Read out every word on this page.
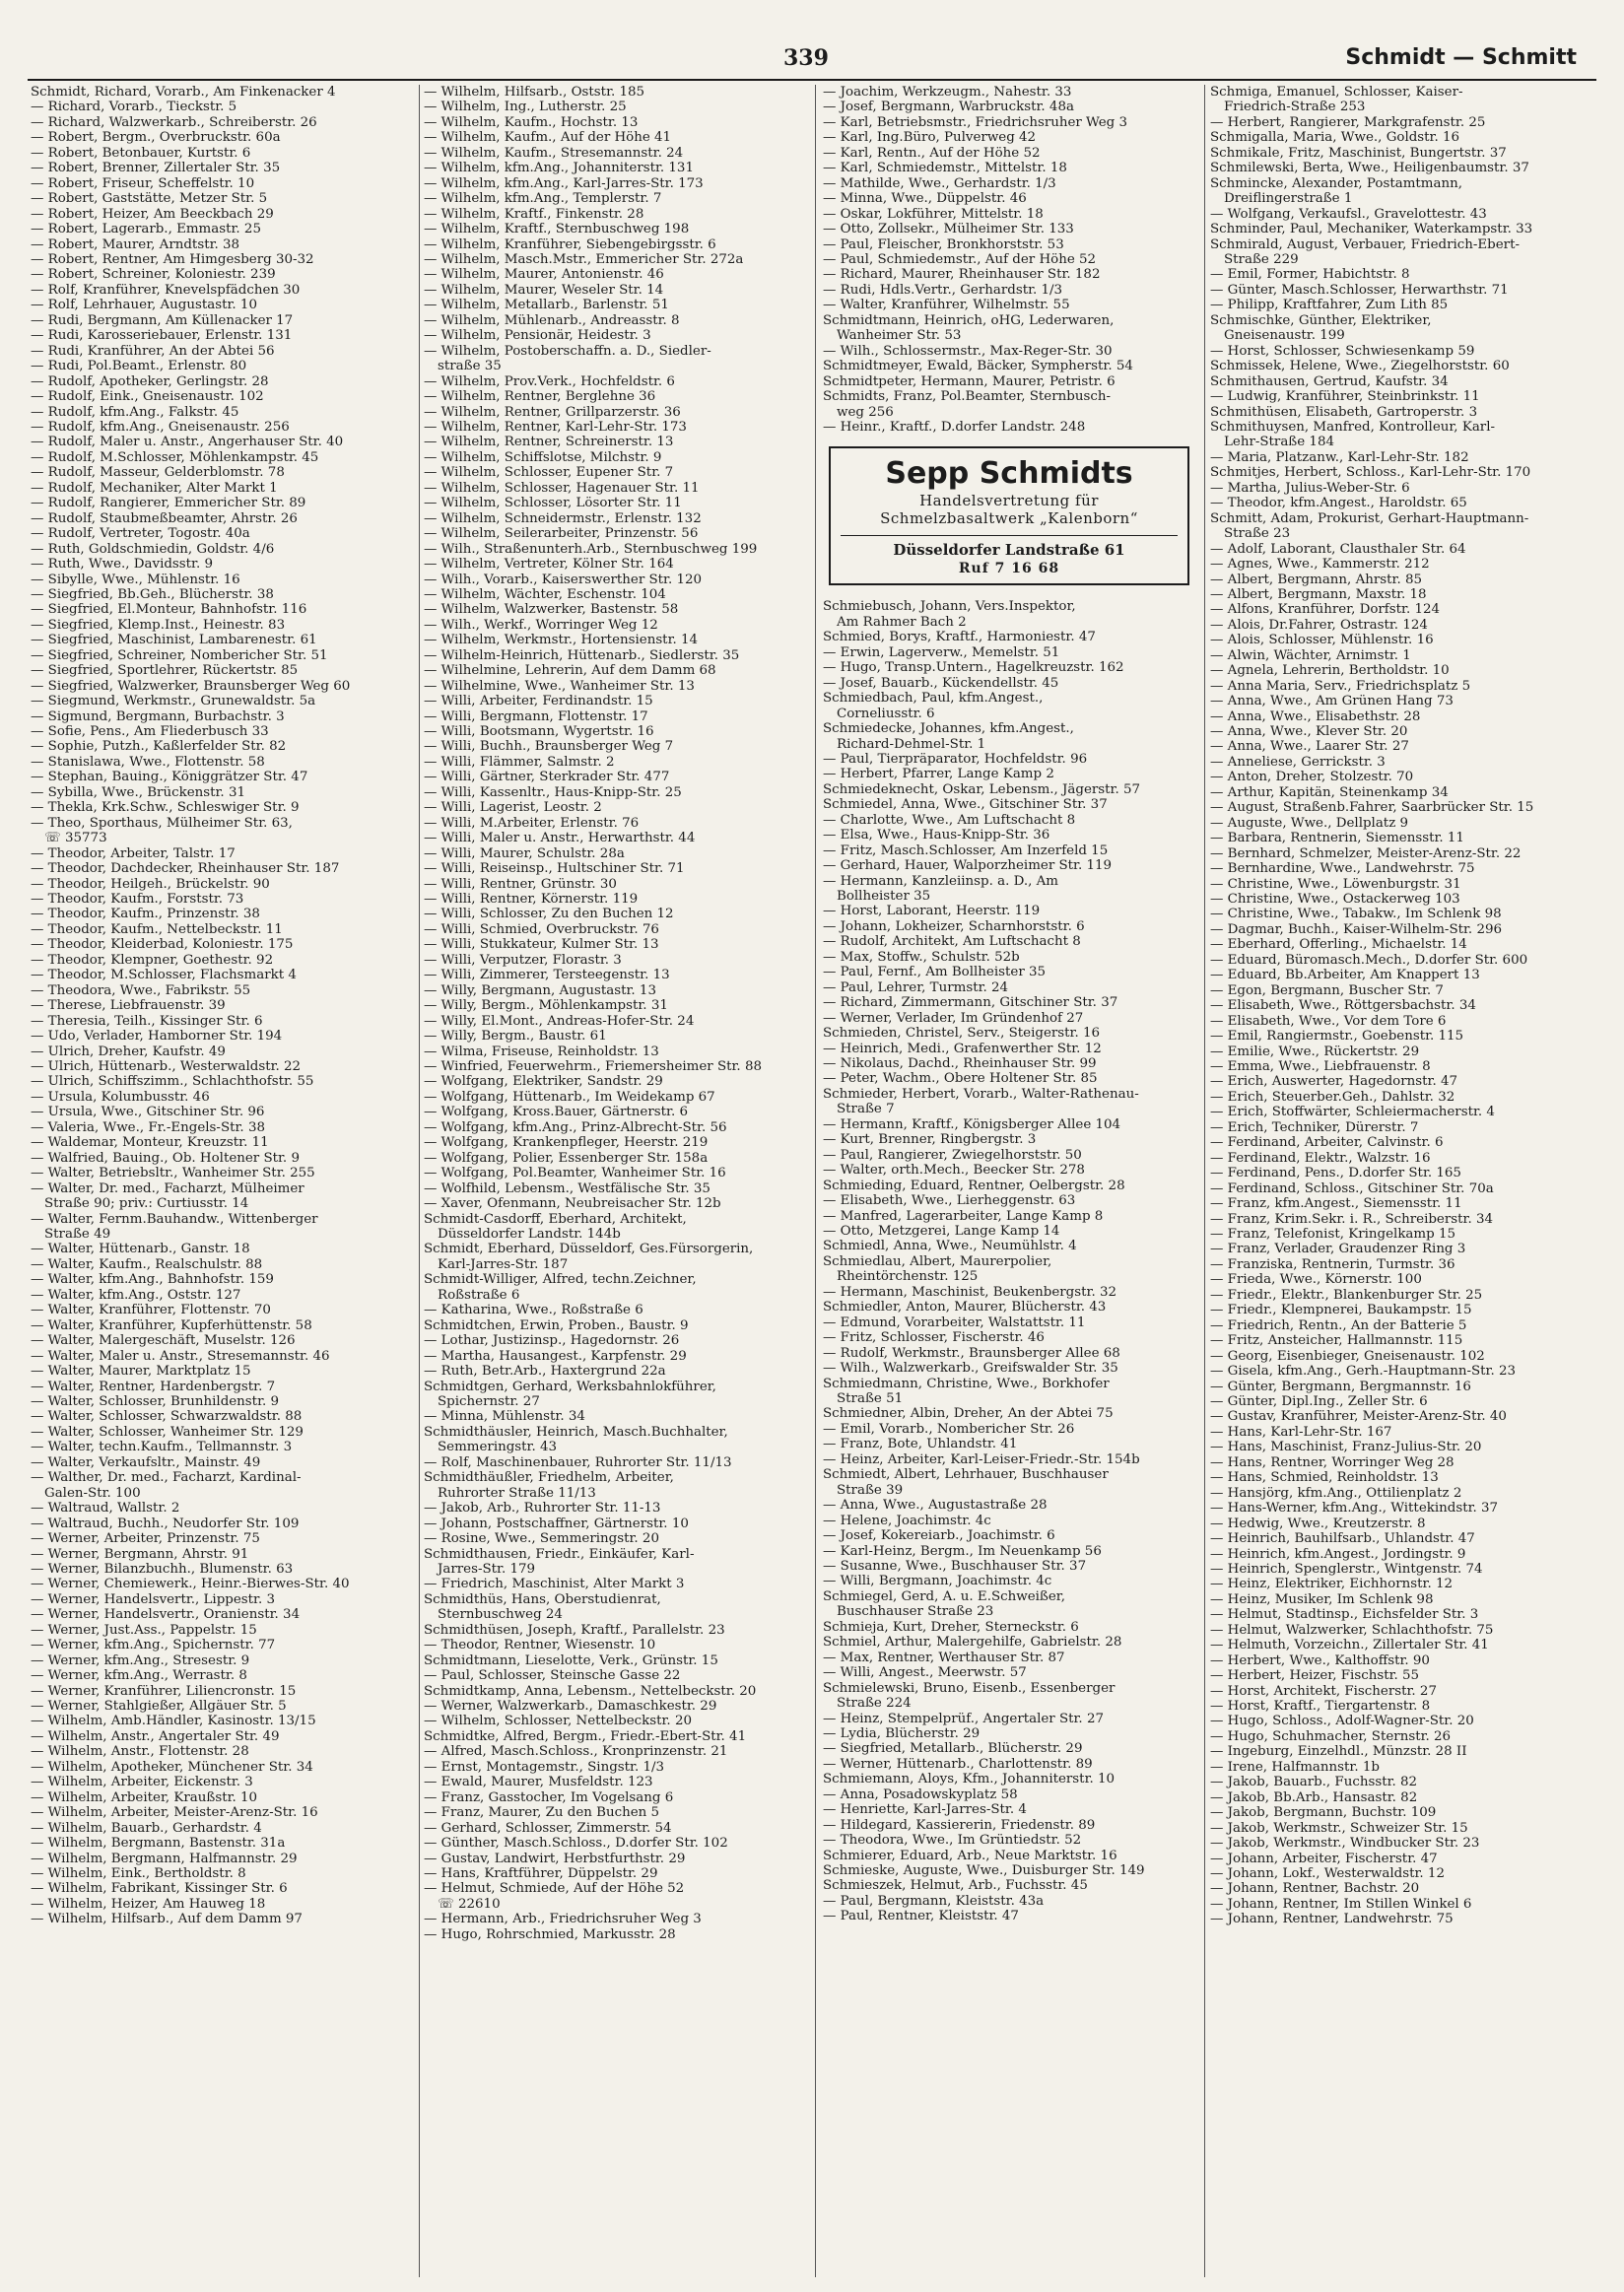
339	Schmidt — Schmitt
Schmidt, Richard, Vorarb., Am Finkenacker 4
— Richard, Vorarb., Tieckstr. 5
— Richard, Walzwerkarb., Schreiberstr. 26
— Robert, Bergm., Overbruckstr. 60a
— Robert, Betonbauer, Kurtstr. 6
— Robert, Brenner, Zillertaler Str. 35
— Robert, Friseur, Scheffelstr. 10
— Robert, Gaststätte, Metzer Str. 5
— Robert, Heizer, Am Beeckbach 29
— Robert, Lagerarb., Emmastr. 25
— Robert, Maurer, Arndtstr. 38
— Robert, Rentner, Am Himgesberg 30-32
— Robert, Schreiner, Koloniestr. 239
— Rolf, Kranführer, Knevelspfädchen 30
— Rolf, Lehrhauer, Augustastr. 10
— Rudi, Bergmann, Am Küllenacker 17
— Rudi, Karosseriebauer, Erlenstr. 131
— Rudi, Kranführer, An der Abtei 56
— Rudi, Pol.Beamt., Erlenstr. 80
— Rudolf, Apotheker, Gerlingstr. 28
— Rudolf, Eink., Gneisenaustr. 102
— Rudolf, kfm.Ang., Falkstr. 45
— Rudolf, kfm.Ang., Gneisenaustr. 256
— Rudolf, Maler u. Anstr., Angerhauser Str. 40
— Rudolf, M.Schlosser, Möhlenkampstr. 45
— Rudolf, Masseur, Gelderblomstr. 78
— Rudolf, Mechaniker, Alter Markt 1
— Rudolf, Rangierer, Emmericher Str. 89
— Rudolf, Staubmeßbeamter, Ahrstr. 26
— Rudolf, Vertreter, Togostr. 40a
— Ruth, Goldschmiedin, Goldstr. 4/6
— Ruth, Wwe., Davidsstr. 9
— Sibylle, Wwe., Mühlenstr. 16
— Siegfried, Bb.Geh., Blücherstr. 38
— Siegfried, El.Monteur, Bahnhofstr. 116
— Siegfried, Klemp.Inst., Heinestr. 83
— Siegfried, Maschinist, Lambarenestr. 61
— Siegfried, Schreiner, Nombericher Str. 51
— Siegfried, Sportlehrer, Rückertstr. 85
— Siegfried, Walzwerker, Braunsberger Weg 60
— Siegmund, Werkmstr., Grunewaldstr. 5a
— Sigmund, Bergmann, Burbachstr. 3
— Sofie, Pens., Am Fliederbusch 33
— Sophie, Putzh., Kaßlerfelder Str. 82
— Stanislawa, Wwe., Flottenstr. 58
— Stephan, Bauing., Königgrätzer Str. 47
— Sybilla, Wwe., Brückenstr. 31
— Thekla, Krk.Schw., Schleswiger Str. 9
— Theo, Sporthaus, Mülheimer Str. 63,
☏ 35773
— Theodor, Arbeiter, Talstr. 17
— Theodor, Dachdecker, Rheinhauser Str. 187
— Theodor, Heilgeh., Brückelstr. 90
— Theodor, Kaufm., Forststr. 73
— Theodor, Kaufm., Prinzenstr. 38
— Theodor, Kaufm., Nettelbeckstr. 11
— Theodor, Kleiderbad, Koloniestr. 175
— Theodor, Klempner, Goethestr. 92
— Theodor, M.Schlosser, Flachsmarkt 4
— Theodora, Wwe., Fabrikstr. 55
— Therese, Liebfrauenstr. 39
— Theresia, Teilh., Kissinger Str. 6
— Udo, Verlader, Hamborner Str. 194
— Ulrich, Dreher, Kaufstr. 49
— Ulrich, Hüttenarb., Westerwaldstr. 22
— Ulrich, Schiffszimm., Schlachthofstr. 55
— Ursula, Kolumbusstr. 46
— Ursula, Wwe., Gitschiner Str. 96
— Valeria, Wwe., Fr.-Engels-Str. 38
— Waldemar, Monteur, Kreuzstr. 11
— Walfried, Bauing., Ob. Holtener Str. 9
— Walter, Betriebsltr., Wanheimer Str. 255
— Walter, Dr. med., Facharzt, Mülheimer
Straße 90; priv.: Curtiusstr. 14
— Walter, Fernm.Bauhandw., Wittenberger
Straße 49
— Walter, Hüttenarb., Ganstr. 18
— Walter, Kaufm., Realschulstr. 88
— Walter, kfm.Ang., Bahnhofstr. 159
— Walter, kfm.Ang., Oststr. 127
— Walter, Kranführer, Flottenstr. 70
— Walter, Kranführer, Kupferhüttenstr. 58
— Walter, Malergeschäft, Muselstr. 126
— Walter, Maler u. Anstr., Stresemannstr. 46
— Walter, Maurer, Marktplatz 15
— Walter, Rentner, Hardenbergstr. 7
— Walter, Schlosser, Brunhildenstr. 9
— Walter, Schlosser, Schwarzwaldstr. 88
— Walter, Schlosser, Wanheimer Str. 129
— Walter, techn.Kaufm., Tellmannstr. 3
— Walter, Verkaufsltr., Mainstr. 49
— Walther, Dr. med., Facharzt, Kardinal-
Galen-Str. 100
— Waltraud, Wallstr. 2
— Waltraud, Buchh., Neudorfer Str. 109
— Werner, Arbeiter, Prinzenstr. 75
— Werner, Bergmann, Ahrstr. 91
— Werner, Bilanzbuchh., Blumenstr. 63
— Werner, Chemiewerk., Heinr.-Bierwes-Str. 40
— Werner, Handelsvertr., Lippestr. 3
— Werner, Handelsvertr., Oranienstr. 34
— Werner, Just.Ass., Pappelstr. 15
— Werner, kfm.Ang., Spichernstr. 77
— Werner, kfm.Ang., Stresestr. 9
— Werner, kfm.Ang., Werrastr. 8
— Werner, Kranführer, Liliencronstr. 15
— Werner, Stahlgießer, Allgäuer Str. 5
— Wilhelm, Amb.Händler, Kasinostr. 13/15
— Wilhelm, Anstr., Angertaler Str. 49
— Wilhelm, Anstr., Flottenstr. 28
— Wilhelm, Apotheker, Münchener Str. 34
— Wilhelm, Arbeiter, Eickenstr. 3
— Wilhelm, Arbeiter, Kraußstr. 10
— Wilhelm, Arbeiter, Meister-Arenz-Str. 16
— Wilhelm, Bauarb., Gerhardstr. 4
— Wilhelm, Bergmann, Bastenstr. 31a
— Wilhelm, Bergmann, Halfmannstr. 29
— Wilhelm, Eink., Bertholdstr. 8
— Wilhelm, Fabrikant, Kissinger Str. 6
— Wilhelm, Heizer, Am Hauweg 18
— Wilhelm, Hilfsarb., Auf dem Damm 97
— Wilhelm, Hilfsarb., Oststr. 185
— Wilhelm, Ing., Lutherstr. 25
— Wilhelm, Kaufm., Hochstr. 13
— Wilhelm, Kaufm., Auf der Höhe 41
— Wilhelm, Kaufm., Stresemannstr. 24
— Wilhelm, kfm.Ang., Johanniterstr. 131
— Wilhelm, kfm.Ang., Karl-Jarres-Str. 173
— Wilhelm, kfm.Ang., Templerstr. 7
— Wilhelm, Kraftf., Finkenstr. 28
— Wilhelm, Kraftf., Sternbuschweg 198
— Wilhelm, Kranführer, Siebengebirgsstr. 6
— Wilhelm, Masch.Mstr., Emmericher Str. 272a
— Wilhelm, Maurer, Antonienstr. 46
— Wilhelm, Maurer, Weseler Str. 14
— Wilhelm, Metallarb., Barlenstr. 51
— Wilhelm, Mühlenarb., Andreasstr. 8
— Wilhelm, Pensionär, Heidestr. 3
— Wilhelm, Postoberschaffn. a. D., Siedler-
straße 35
— Wilhelm, Prov.Verk., Hochfeldstr. 6
— Wilhelm, Rentner, Berglehne 36
— Wilhelm, Rentner, Grillparzerstr. 36
— Wilhelm, Rentner, Karl-Lehr-Str. 173
— Wilhelm, Rentner, Schreinerstr. 13
— Wilhelm, Schiffslotse, Milchstr. 9
— Wilhelm, Schlosser, Eupener Str. 7
— Wilhelm, Schlosser, Hagenauer Str. 11
— Wilhelm, Schlosser, Lösorter Str. 11
— Wilhelm, Schneidermstr., Erlenstr. 132
— Wilhelm, Seilerarbeiter, Prinzenstr. 56
— Wilh., Straßenunterh.Arb., Sternbuschweg 199
— Wilhelm, Vertreter, Kölner Str. 164
— Wilh., Vorarb., Kaiserswerther Str. 120
— Wilhelm, Wächter, Eschenstr. 104
— Wilhelm, Walzwerker, Bastenstr. 58
— Wilh., Werkf., Worringer Weg 12
— Wilhelm, Werkmstr., Hortensienstr. 14
— Wilhelm-Heinrich, Hüttenarb., Siedlerstr. 35
— Wilhelmine, Lehrerin, Auf dem Damm 68
— Wilhelmine, Wwe., Wanheimer Str. 13
— Willi, Arbeiter, Ferdinandstr. 15
— Willi, Bergmann, Flottenstr. 17
— Willi, Bootsmann, Wygertstr. 16
— Willi, Buchh., Braunsberger Weg 7
— Willi, Flämmer, Salmstr. 2
— Willi, Gärtner, Sterkrader Str. 477
— Willi, Kassenltr., Haus-Knipp-Str. 25
— Willi, Lagerist, Leostr. 2
— Willi, M.Arbeiter, Erlenstr. 76
— Willi, Maler u. Anstr., Herwarthstr. 44
— Willi, Maurer, Schulstr. 28a
— Willi, Reiseinsp., Hultschiner Str. 71
— Willi, Rentner, Grünstr. 30
— Willi, Rentner, Körnerstr. 119
— Willi, Schlosser, Zu den Buchen 12
— Willi, Schmied, Overbruckstr. 76
— Willi, Stukkateur, Kulmer Str. 13
— Willi, Verputzer, Florastr. 3
— Willi, Zimmerer, Tersteegenstr. 13
— Willy, Bergmann, Augustastr. 13
— Willy, Bergm., Möhlenkampstr. 31
— Willy, El.Mont., Andreas-Hofer-Str. 24
— Willy, Bergm., Baustr. 61
— Wilma, Friseuse, Reinholdstr. 13
— Winfried, Feuerwehrm., Friemersheimer Str. 88
— Wolfgang, Elektriker, Sandstr. 29
— Wolfgang, Hüttenarb., Im Weidekamp 67
— Wolfgang, Kross.Bauer, Gärtnerstr. 6
— Wolfgang, kfm.Ang., Prinz-Albrecht-Str. 56
— Wolfgang, Krankenpfleger, Heerstr. 219
— Wolfgang, Polier, Essenberger Str. 158a
— Wolfgang, Pol.Beamter, Wanheimer Str. 16
— Wolfhild, Lebensm., Westfälische Str. 35
— Xaver, Ofenmann, Neubreisacher Str. 12b
Schmidt-Casdorff, Eberhard, Architekt,
Düsseldorfer Landstr. 144b
Schmidt, Eberhard, Düsseldorf, Ges.Fürsorgerin,
Karl-Jarres-Str. 187
Schmidt-Williger, Alfred, techn.Zeichner,
Roßstraße 6
— Katharina, Wwe., Roßstraße 6
Schmidtchen, Erwin, Proben., Baustr. 9
— Lothar, Justizinsp., Hagedornstr. 26
— Martha, Hausangest., Karpfenstr. 29
— Ruth, Betr.Arb., Haxtergrund 22a
Schmidtgen, Gerhard, Werksbahnlokführer,
Spichernstr. 27
— Minna, Mühlenstr. 34
Schmidthäusler, Heinrich, Masch.Buchhalter,
Semmeringstr. 43
— Rolf, Maschinenbauer, Ruhrorter Str. 11/13
Schmidthäußler, Friedhelm, Arbeiter,
Ruhrorter Straße 11/13
— Jakob, Arb., Ruhrorter Str. 11-13
— Johann, Postschaffner, Gärtnerstr. 10
— Rosine, Wwe., Semmeringstr. 20
Schmidthausen, Friedr., Einkäufer, Karl-
Jarres-Str. 179
— Friedrich, Maschinist, Alter Markt 3
Schmidthüs, Hans, Oberstudienrat,
Sternbuschweg 24
Schmidthüsen, Joseph, Kraftf., Parallelstr. 23
— Theodor, Rentner, Wiesenstr. 10
Schmidtmann, Lieselotte, Verk., Grünstr. 15
— Paul, Schlosser, Steinsche Gasse 22
Schmidtkamp, Anna, Lebensm., Nettelbeckstr. 20
— Werner, Walzwerkarb., Damaschkestr. 29
— Wilhelm, Schlosser, Nettelbeckstr. 20
Schmidtke, Alfred, Bergm., Friedr.-Ebert-Str. 41
— Alfred, Masch.Schloss., Kronprinzenstr. 21
— Ernst, Montagemstr., Singstr. 1/3
— Ewald, Maurer, Musfeldstr. 123
— Franz, Gasstocher, Im Vogelsang 6
— Franz, Maurer, Zu den Buchen 5
— Gerhard, Schlosser, Zimmerstr. 54
— Günther, Masch.Schloss., D.dorfer Str. 102
— Gustav, Landwirt, Herbstfurthstr. 29
— Hans, Kraftführer, Düppelstr. 29
— Helmut, Schmiede, Auf der Höhe 52
☏ 22610
— Hermann, Arb., Friedrichsruher Weg 3
— Hugo, Rohrschmied, Markusstr. 28
— Joachim, Werkzeugm., Nahestr. 33
— Josef, Bergmann, Warbruckstr. 48a
— Karl, Betriebsmstr., Friedrichsruher Weg 3
— Karl, Ing.Büro, Pulverweg 42
— Karl, Rentn., Auf der Höhe 52
— Karl, Schmiedemstr., Mittelstr. 18
— Mathilde, Wwe., Gerhardstr. 1/3
— Minna, Wwe., Düppelstr. 46
— Oskar, Lokführer, Mittelstr. 18
— Otto, Zollsekr., Mülheimer Str. 133
— Paul, Fleischer, Bronkhorststr. 53
— Paul, Schmiedemstr., Auf der Höhe 52
— Richard, Maurer, Rheinhauser Str. 182
— Rudi, Hdls.Vertr., Gerhardstr. 1/3
— Walter, Kranführer, Wilhelmstr. 55
Schmidtmann, Heinrich, oHG, Lederwaren,
Wanheimer Str. 53
— Wilh., Schlossermstr., Max-Reger-Str. 30
Schmidtmeyer, Ewald, Bäcker, Sympherstr. 54
Schmidtpeter, Hermann, Maurer, Petristr. 6
Schmidts, Franz, Pol.Beamter, Sternbusch-
weg 256
— Heinr., Kraftf., D.dorfer Landstr. 248
Sepp Schmidts
Handelsvertretung für
Schmelzbasaltwerk „Kalenborn“
Düsseldorfer Landstraße 61
Ruf 7 16 68
Schmiebusch, Johann, Vers.Inspektor,
Am Rahmer Bach 2
Schmied, Borys, Kraftf., Harmoniestr. 47
— Erwin, Lagerverw., Memelstr. 51
— Hugo, Transp.Untern., Hagelkreuzstr. 162
— Josef, Bauarb., Kückendellstr. 45
Schmiedbach, Paul, kfm.Angest.,
Corneliusstr. 6
Schmiedecke, Johannes, kfm.Angest.,
Richard-Dehmel-Str. 1
— Paul, Tierpräparator, Hochfeldstr. 96
— Herbert, Pfarrer, Lange Kamp 2
Schmiedeknecht, Oskar, Lebensm., Jägerstr. 57
Schmiedel, Anna, Wwe., Gitschiner Str. 37
— Charlotte, Wwe., Am Luftschacht 8
— Elsa, Wwe., Haus-Knipp-Str. 36
— Fritz, Masch.Schlosser, Am Inzerfeld 15
— Gerhard, Hauer, Walporzheimer Str. 119
— Hermann, Kanzleiinsp. a. D., Am
Bollheister 35
— Horst, Laborant, Heerstr. 119
— Johann, Lokheizer, Scharnhorststr. 6
— Rudolf, Architekt, Am Luftschacht 8
— Max, Stoffw., Schulstr. 52b
— Paul, Fernf., Am Bollheister 35
— Paul, Lehrer, Turmstr. 24
— Richard, Zimmermann, Gitschiner Str. 37
— Werner, Verlader, Im Gründenhof 27
Schmieden, Christel, Serv., Steigerstr. 16
— Heinrich, Medi., Grafenwerther Str. 12
— Nikolaus, Dachd., Rheinhauser Str. 99
— Peter, Wachm., Obere Holtener Str. 85
Schmieder, Herbert, Vorarb., Walter-Rathenau-
Straße 7
— Hermann, Kraftf., Königsberger Allee 104
— Kurt, Brenner, Ringbergstr. 3
— Paul, Rangierer, Zwiegelhorststr. 50
— Walter, orth.Mech., Beecker Str. 278
Schmieding, Eduard, Rentner, Oelbergstr. 28
— Elisabeth, Wwe., Lierheggenstr. 63
— Manfred, Lagerarbeiter, Lange Kamp 8
— Otto, Metzgerei, Lange Kamp 14
Schmiedl, Anna, Wwe., Neumühlstr. 4
Schmiedlau, Albert, Maurerpolier,
Rheintörchenstr. 125
— Hermann, Maschinist, Beukenbergstr. 32
Schmiedler, Anton, Maurer, Blücherstr. 43
— Edmund, Vorarbeiter, Walstattstr. 11
— Fritz, Schlosser, Fischerstr. 46
— Rudolf, Werkmstr., Braunsberger Allee 68
— Wilh., Walzwerkarb., Greifswalder Str. 35
Schmiedmann, Christine, Wwe., Borkhofer
Straße 51
Schmiedner, Albin, Dreher, An der Abtei 75
— Emil, Vorarb., Nombericher Str. 26
— Franz, Bote, Uhlandstr. 41
— Heinz, Arbeiter, Karl-Leiser-Friedr.-Str. 154b
Schmiedt, Albert, Lehrhauer, Buschhauser
Straße 39
— Anna, Wwe., Augustastraße 28
— Helene, Joachimstr. 4c
— Josef, Kokereiarb., Joachimstr. 6
— Karl-Heinz, Bergm., Im Neuenkamp 56
— Susanne, Wwe., Buschhauser Str. 37
— Willi, Bergmann, Joachimstr. 4c
Schmiegel, Gerd, A. u. E.Schweißer,
Buschhauser Straße 23
Schmieja, Kurt, Dreher, Sterneckstr. 6
Schmiel, Arthur, Malergehilfe, Gabrielstr. 28
— Max, Rentner, Werthauser Str. 87
— Willi, Angest., Meerwstr. 57
Schmielewski, Bruno, Eisenb., Essenberger
Straße 224
— Heinz, Stempelprüf., Angertaler Str. 27
— Lydia, Blücherstr. 29
— Siegfried, Metallarb., Blücherstr. 29
— Werner, Hüttenarb., Charlottenstr. 89
Schmiemann, Aloys, Kfm., Johanniterstr. 10
— Anna, Posadowskyplatz 58
— Henriette, Karl-Jarres-Str. 4
— Hildegard, Kassiererin, Friedenstr. 89
— Theodora, Wwe., Im Grüntiedstr. 52
Schmierer, Eduard, Arb., Neue Marktstr. 16
Schmieske, Auguste, Wwe., Duisburger Str. 149
Schmieszek, Helmut, Arb., Fuchsstr. 45
— Paul, Bergmann, Kleiststr. 43a
— Paul, Rentner, Kleiststr. 47
Schmiga, Emanuel, Schlosser, Kaiser-
Friedrich-Straße 253
— Herbert, Rangierer, Markgrafenstr. 25
Schmigalla, Maria, Wwe., Goldstr. 16
Schmikale, Fritz, Maschinist, Bungertstr. 37
Schmilewski, Berta, Wwe., Heiligenbaumstr. 37
Schmincke, Alexander, Postamtmann,
Dreiflingerstraße 1
— Wolfgang, Verkaufsl., Gravelottestr. 43
Schminder, Paul, Mechaniker, Waterkampstr. 33
Schmirald, August, Verbauer, Friedrich-Ebert-
Straße 229
— Emil, Former, Habichtstr. 8
— Günter, Masch.Schlosser, Herwarthstr. 71
— Philipp, Kraftfahrer, Zum Lith 85
Schmischke, Günther, Elektriker,
Gneisenaustr. 199
— Horst, Schlosser, Schwiesenkamp 59
Schmissek, Helene, Wwe., Ziegelhorststr. 60
Schmithausen, Gertrud, Kaufstr. 34
— Ludwig, Kranführer, Steinbrinkstr. 11
Schmithüsen, Elisabeth, Gartroperstr. 3
Schmithuysen, Manfred, Kontrolleur, Karl-
Lehr-Straße 184
— Maria, Platzanw., Karl-Lehr-Str. 182
Schmitjes, Herbert, Schloss., Karl-Lehr-Str. 170
— Martha, Julius-Weber-Str. 6
— Theodor, kfm.Angest., Haroldstr. 65
Schmitt, Adam, Prokurist, Gerhart-Hauptmann-
Straße 23
— Adolf, Laborant, Clausthaler Str. 64
— Agnes, Wwe., Kammerstr. 212
— Albert, Bergmann, Ahrstr. 85
— Albert, Bergmann, Maxstr. 18
— Alfons, Kranführer, Dorfstr. 124
— Alois, Dr.Fahrer, Ostrastr. 124
— Alois, Schlosser, Mühlenstr. 16
— Alwin, Wächter, Arnimstr. 1
— Agnela, Lehrerin, Bertholdstr. 10
— Anna Maria, Serv., Friedrichsplatz 5
— Anna, Wwe., Am Grünen Hang 73
— Anna, Wwe., Elisabethstr. 28
— Anna, Wwe., Klever Str. 20
— Anna, Wwe., Laarer Str. 27
— Anneliese, Gerrickstr. 3
— Anton, Dreher, Stolzestr. 70
— Arthur, Kapitän, Steinenkamp 34
— August, Straßenb.Fahrer, Saarbrücker Str. 15
— Auguste, Wwe., Dellplatz 9
— Barbara, Rentnerin, Siemensstr. 11
— Bernhard, Schmelzer, Meister-Arenz-Str. 22
— Bernhardine, Wwe., Landwehrstr. 75
— Christine, Wwe., Löwenburgstr. 31
— Christine, Wwe., Ostackerweg 103
— Christine, Wwe., Tabakw., Im Schlenk 98
— Dagmar, Buchh., Kaiser-Wilhelm-Str. 296
— Eberhard, Offerling., Michaelstr. 14
— Eduard, Büromasch.Mech., D.dorfer Str. 600
— Eduard, Bb.Arbeiter, Am Knappert 13
— Egon, Bergmann, Buscher Str. 7
— Elisabeth, Wwe., Röttgersbachstr. 34
— Elisabeth, Wwe., Vor dem Tore 6
— Emil, Rangiermstr., Goebenstr. 115
— Emilie, Wwe., Rückertstr. 29
— Emma, Wwe., Liebfrauenstr. 8
— Erich, Auswerter, Hagedornstr. 47
— Erich, Steuerber.Geh., Dahlstr. 32
— Erich, Stoffwärter, Schleiermacherstr. 4
— Erich, Techniker, Dürerstr. 7
— Ferdinand, Arbeiter, Calvinstr. 6
— Ferdinand, Elektr., Walzstr. 16
— Ferdinand, Pens., D.dorfer Str. 165
— Ferdinand, Schloss., Gitschiner Str. 70a
— Franz, kfm.Angest., Siemensstr. 11
— Franz, Krim.Sekr. i. R., Schreiberstr. 34
— Franz, Telefonist, Kringelkamp 15
— Franz, Verlader, Graudenzer Ring 3
— Franziska, Rentnerin, Turmstr. 36
— Frieda, Wwe., Körnerstr. 100
— Friedr., Elektr., Blankenburger Str. 25
— Friedr., Klempnerei, Baukampstr. 15
— Friedrich, Rentn., An der Batterie 5
— Fritz, Ansteicher, Hallmannstr. 115
— Georg, Eisenbieger, Gneisenaustr. 102
— Gisela, kfm.Ang., Gerh.-Hauptmann-Str. 23
— Günter, Bergmann, Bergmannstr. 16
— Günter, Dipl.Ing., Zeller Str. 6
— Gustav, Kranführer, Meister-Arenz-Str. 40
— Hans, Karl-Lehr-Str. 167
— Hans, Maschinist, Franz-Julius-Str. 20
— Hans, Rentner, Worringer Weg 28
— Hans, Schmied, Reinholdstr. 13
— Hansjörg, kfm.Ang., Ottilienplatz 2
— Hans-Werner, kfm.Ang., Wittekindstr. 37
— Hedwig, Wwe., Kreutzerstr. 8
— Heinrich, Bauhilfsarb., Uhlandstr. 47
— Heinrich, kfm.Angest., Jordingstr. 9
— Heinrich, Spenglerstr., Wintgenstr. 74
— Heinz, Elektriker, Eichhornstr. 12
— Heinz, Musiker, Im Schlenk 98
— Helmut, Stadtinsp., Eichsfelder Str. 3
— Helmut, Walzwerker, Schlachthofstr. 75
— Helmuth, Vorzeichn., Zillertaler Str. 41
— Herbert, Wwe., Kalthoffstr. 90
— Herbert, Heizer, Fischstr. 55
— Horst, Architekt, Fischerstr. 27
— Horst, Kraftf., Tiergartenstr. 8
— Hugo, Schloss., Adolf-Wagner-Str. 20
— Hugo, Schuhmacher, Sternstr. 26
— Ingeburg, Einzelhdl., Münzstr. 28 II
— Irene, Halfmannstr. 1b
— Jakob, Bauarb., Fuchsstr. 82
— Jakob, Bb.Arb., Hansastr. 82
— Jakob, Bergmann, Buchstr. 109
— Jakob, Werkmstr., Schweizer Str. 15
— Jakob, Werkmstr., Windbucker Str. 23
— Johann, Arbeiter, Fischerstr. 47
— Johann, Lokf., Westerwaldstr. 12
— Johann, Rentner, Bachstr. 20
— Johann, Rentner, Im Stillen Winkel 6
— Johann, Rentner, Landwehrstr. 75
